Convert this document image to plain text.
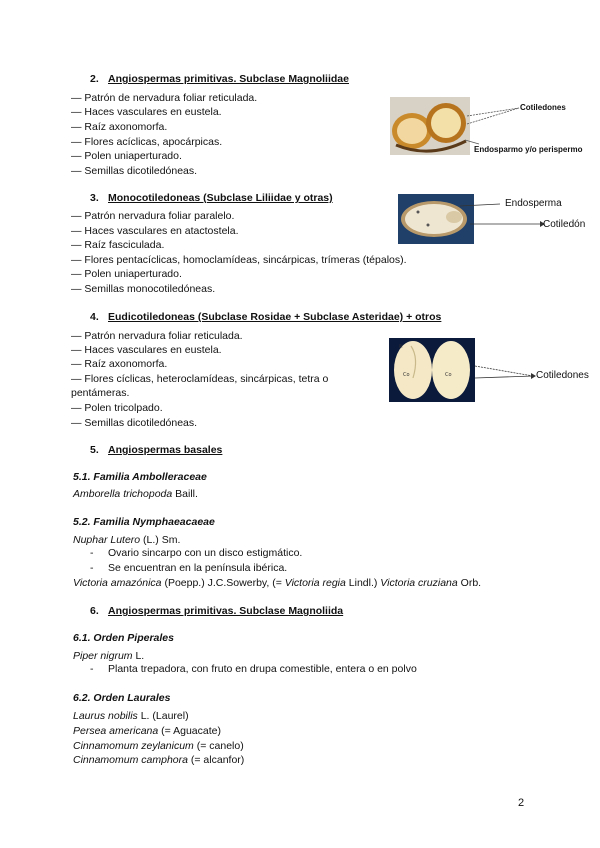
2. Angiospermas primitivas. Subclase Magnoliidae
— Patrón de nervadura foliar reticulada.
— Haces vasculares en eustela.
— Raíz axonomorfa.
— Flores acíclicas, apocárpicas.
— Polen uniaperturado.
— Semillas dicotiledóneas.
Cotiledones
Endosparmo y/o perispermo
3. Monocotiledoneas (Subclase Liliidae y otras)
— Patrón nervadura foliar paralelo.
— Haces vasculares en atactostela.
— Raíz fasciculada.
— Flores pentacíclicas, homoclamídeas, sincárpicas, trímeras (tépalos).
— Polen uniaperturado.
— Semillas monocotiledóneas.
Endosperma
Cotiledón
4. Eudicotiledoneas (Subclase Rosidae + Subclase Asteridae) + otros
— Patrón nervadura foliar reticulada.
— Haces vasculares en eustela.
— Raíz axonomorfa.
— Flores cíclicas, heteroclamídeas, sincárpicas, tetra o
pentámeras.
— Polen tricolpado.
— Semillas dicotiledóneas.
Co	Co
Pl
Cotiledones
5. Angiospermas basales
5.1. Familia Ambolleraceae
Amborella trichopoda Baill.
5.2. Familia Nymphaeacaeae
Nuphar Lutero (L.) Sm.
- Ovario sincarpo con un disco estigmático.
- Se encuentran en la península ibérica.
Victoria amazónica (Poepp.) J.C.Sowerby, (= Victoria regia Lindl.) Victoria cruziana Orb.
6. Angiospermas primitivas. Subclase Magnoliida
6.1. Orden Piperales
Piper nigrum L.
- Planta trepadora, con fruto en drupa comestible, entera o en polvo
6.2. Orden Laurales
Laurus nobilis L. (Laurel)
Persea americana (= Aguacate)
Cinnamomum zeylanicum (= canelo)
Cinnamomum camphora (= alcanfor)
2
